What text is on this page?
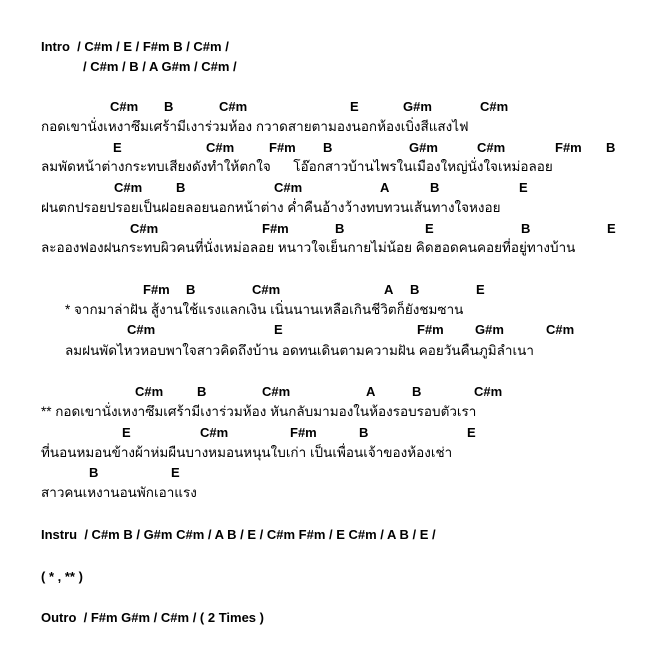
Intro  / C#m / E / F#m B / C#m /
/ C#m / B / A G#m / C#m /
C#m B	C#m	E	G#m	C#m
กอดเขานั่งเหงาซึมเศร้ามีเงาร่วมห้อง กวาดสายตามองนอกห้องเบิ่งสีแสงไฟ
E	C#m	F#m B	G#m	C#m	F#m B
ลมพัดหน้าต่างกระทบเสียงดังทำให้ตกใจ      โอ๊อกสาวบ้านไพรในเมืองใหญ่นั่งใจเหม่อลอย
C#m	B	C#m	A	B	E
ฝนตกปรอยปรอยเป็นฝอยลอยนอกหน้าต่าง ค่ำคืนอ้างว้างทบทวนเส้นทางใจหงอย
C#m	F#m	B	E	B	E
ละอองฟองฝนกระทบผิวคนที่นั่งเหม่อลอย หนาวใจเย็นกายไม่น้อย คิดฮอดคนคอยที่อยู่ทางบ้าน
F#m B	C#m	A B	E
* จากมาล่าฝัน สู้งานใช้แรงแลกเงิน เนิ่นนานเหลือเกินชีวิตก็ยังชมซาน
C#m	E	F#m G#m	C#m
ลมฝนพัดไหวหอบพาใจสาวคิดถึงบ้าน อดทนเดินตามความฝัน คอยวันคืนภูมิลำเนา
C#m	B	C#m	A	B	C#m
** กอดเขานั่งเหงาซึมเศร้ามีเงาร่วมห้อง หันกลับมามองในห้องรอบรอบตัวเรา
E	C#m	F#m	B	E
ที่นอนหมอนข้างผ้าห่มผืนบางหมอนหนุนใบเก่า เป็นเพื่อนเจ้าของห้องเช่า
B	E
สาวคนเหงานอนพักเอาแรง
Instru  / C#m B / G#m C#m / A B / E / C#m F#m / E C#m / A B / E /
( * , ** )
Outro  / F#m G#m / C#m / ( 2 Times )
